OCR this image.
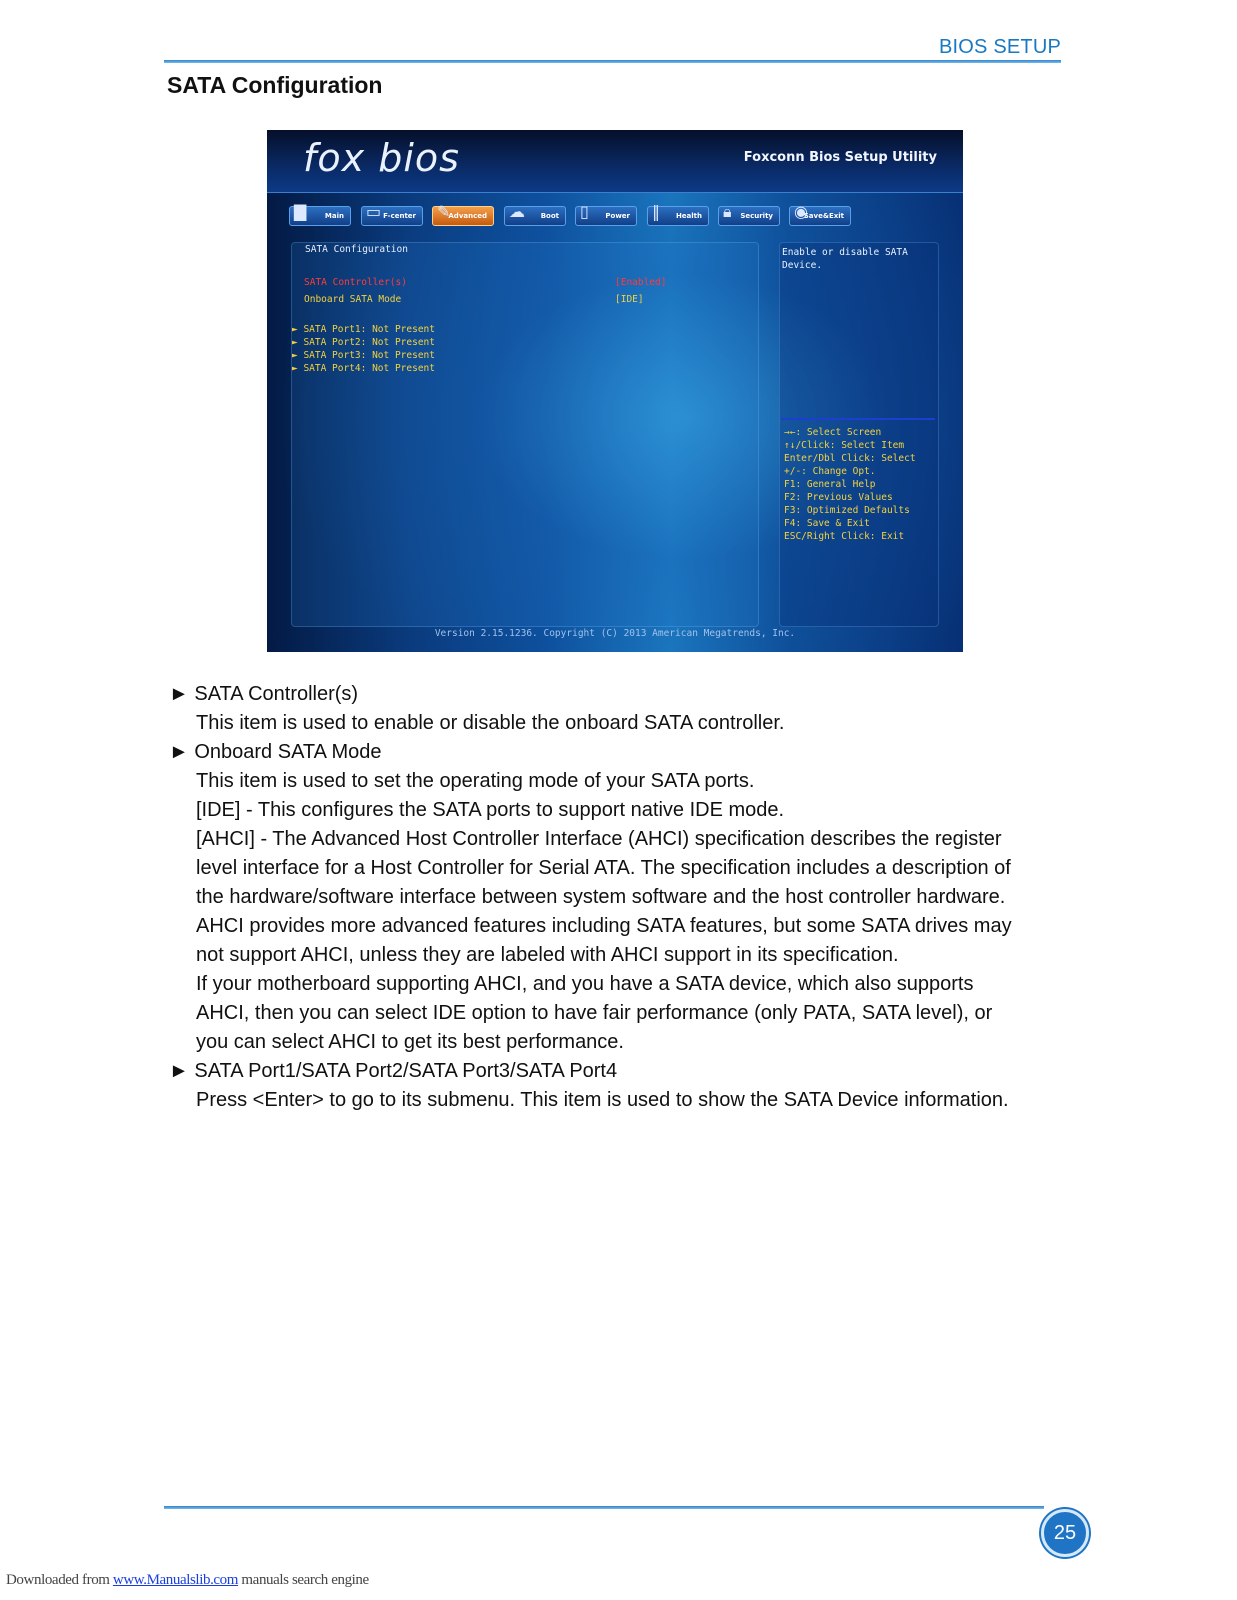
BIOS SETUP
SATA Configuration
fox bios	Foxconn Bios Setup Utility
▇	Main ▭ F-center ✎
Advanced ☁ Boot ▯	Power ‖	Health 🔒︎	Security ◉
Save&Exit
SATA Configuration
SATA Controller(s)	[Enabled]
Onboard SATA Mode	[IDE]
► SATA Port1: Not Present
► SATA Port2: Not Present
► SATA Port3: Not Present
► SATA Port4: Not Present
Enable or disable SATA Device.
→←: Select Screen
↑↓/Click: Select Item
Enter/Dbl Click: Select
+/-: Change Opt.
F1: General Help
F2: Previous Values
F3: Optimized Defaults
F4: Save & Exit
ESC/Right Click: Exit
Version 2.15.1236. Copyright (C) 2013 American Megatrends, Inc.
► SATA Controller(s)
This item is used to enable or disable the onboard SATA controller.
► Onboard SATA Mode
This item is used to set the operating mode of your SATA ports.
[IDE] - This configures the SATA ports to support native IDE mode.
[AHCI] - The Advanced Host Controller Interface (AHCI) specification describes the register
level interface for a Host Controller for Serial ATA. The specification includes a description of
the hardware/software interface between system software and the host controller hardware.
AHCI provides more advanced features including SATA features, but some SATA drives may
not support AHCI, unless they are labeled with AHCI support in its specification.
If your motherboard supporting AHCI, and you have a SATA device, which also supports
AHCI, then you can select IDE option to have fair performance (only PATA, SATA level), or
you can select AHCI to get its best performance.
► SATA Port1/SATA Port2/SATA Port3/SATA Port4
Press <Enter> to go to its submenu. This item is used to show the SATA Device information.
25
Downloaded from www.Manualslib.com manuals search engine
